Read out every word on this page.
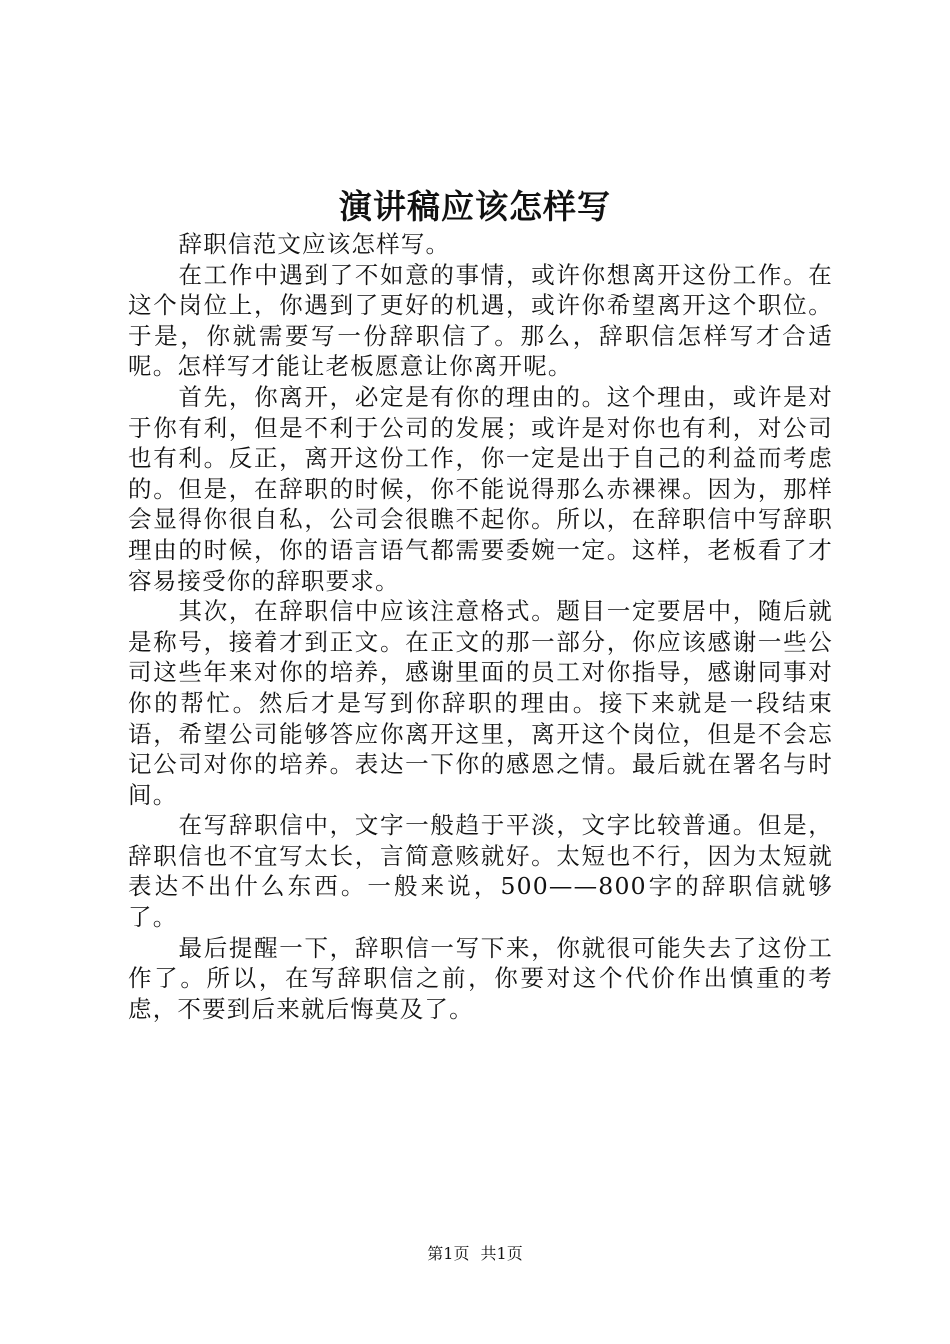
演讲稿应该怎样写

辞职信范文应该怎样写。

在工作中遇到了不如意的事情，或许你想离开这份工作。在这个岗位上，你遇到了更好的机遇，或许你希望离开这个职位。于是，你就需要写一份辞职信了。那么，辞职信怎样写才合适呢。怎样写才能让老板愿意让你离开呢。

首先，你离开，必定是有你的理由的。这个理由，或许是对于你有利，但是不利于公司的发展；或许是对你也有利，对公司也有利。反正，离开这份工作，你一定是出于自己的利益而考虑的。但是，在辞职的时候，你不能说得那么赤裸裸。因为，那样会显得你很自私，公司会很瞧不起你。所以，在辞职信中写辞职理由的时候，你的语言语气都需要委婉一定。这样，老板看了才容易接受你的辞职要求。

其次，在辞职信中应该注意格式。题目一定要居中，随后就是称号，接着才到正文。在正文的那一部分，你应该感谢一些公司这些年来对你的培养，感谢里面的员工对你指导，感谢同事对你的帮忙。然后才是写到你辞职的理由。接下来就是一段结束语，希望公司能够答应你离开这里，离开这个岗位，但是不会忘记公司对你的培养。表达一下你的感恩之情。最后就在署名与时间。

在写辞职信中，文字一般趋于平淡，文字比较普通。但是，辞职信也不宜写太长，言简意赅就好。太短也不行，因为太短就表达不出什么东西。一般来说，500——800字的辞职信就够了。

最后提醒一下，辞职信一写下来，你就很可能失去了这份工作了。所以，在写辞职信之前，你要对这个代价作出慎重的考虑，不要到后来就后悔莫及了。

第1页 共1页
